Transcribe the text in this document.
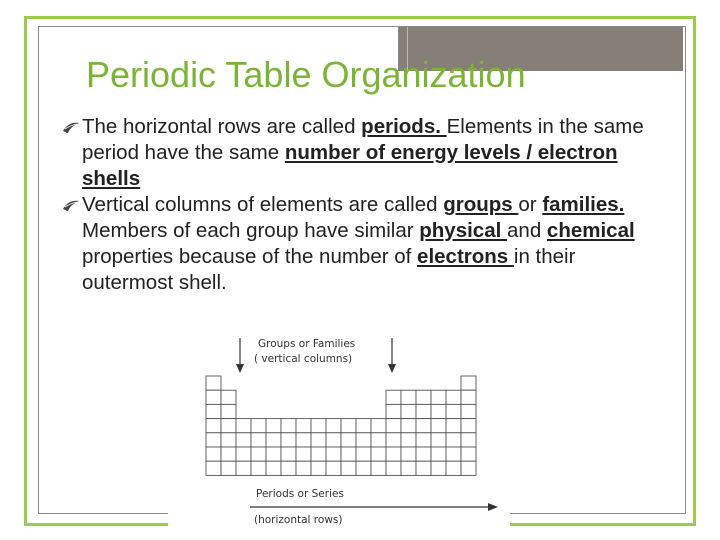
Periodic Table Organization
The horizontal rows are called periods. Elements in the same period have the same number of energy levels / electron shells
Vertical columns of elements are called groups or families. Members of each group have similar physical and chemical properties because of the number of electrons in their outermost shell.
Groups or Families
( vertical columns)
Periods or Series
(horizontal rows)
